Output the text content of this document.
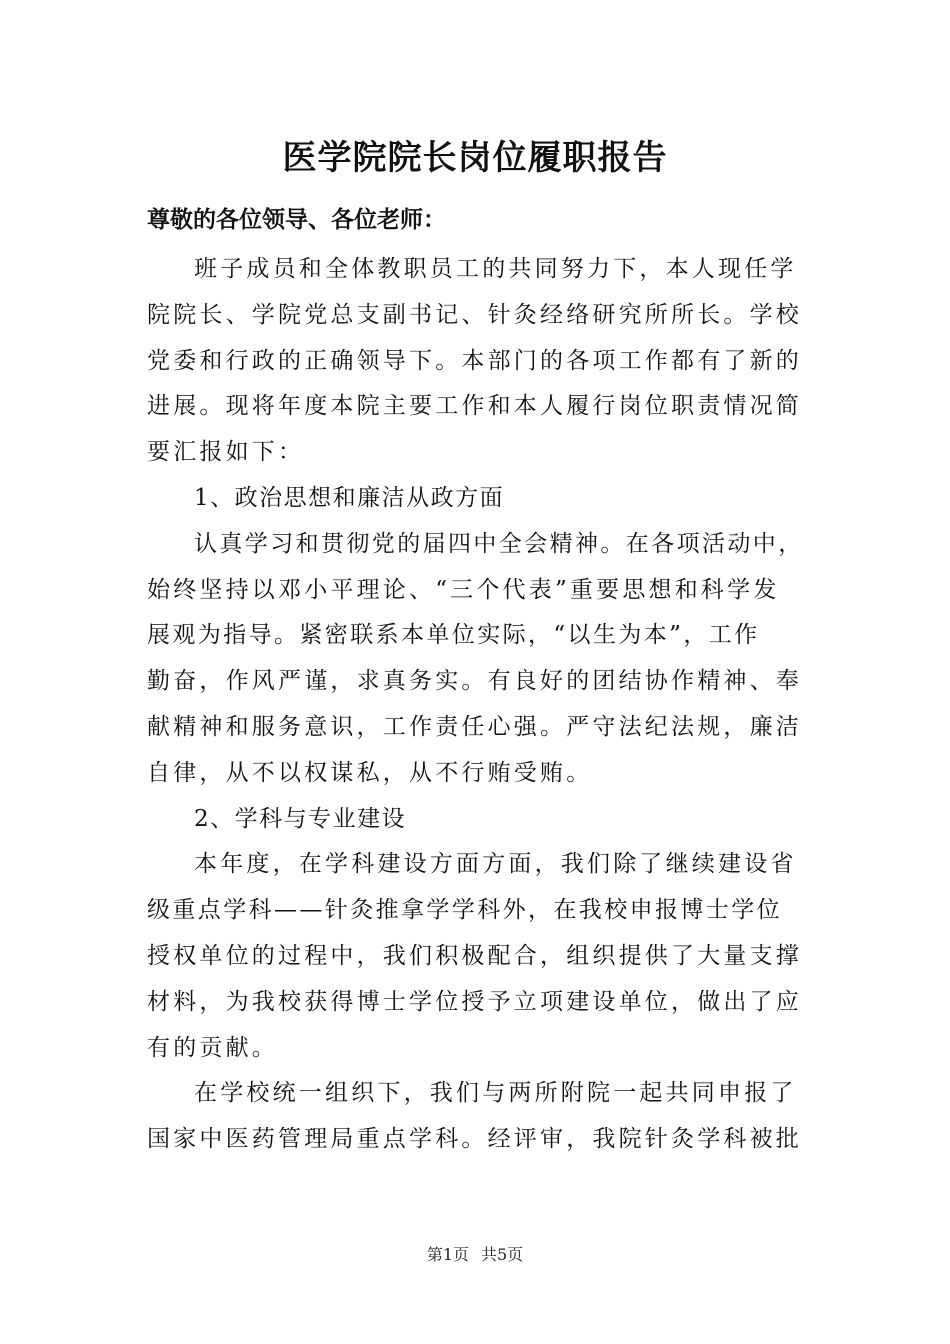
医学院院长岗位履职报告

尊敬的各位领导、各位老师：

班子成员和全体教职员工的共同努力下，本人现任学
院院长、学院党总支副书记、针灸经络研究所所长。学校
党委和行政的正确领导下。本部门的各项工作都有了新的
进展。现将年度本院主要工作和本人履行岗位职责情况简
要汇报如下：
1、政治思想和廉洁从政方面
认真学习和贯彻党的届四中全会精神。在各项活动中，
始终坚持以邓小平理论、“三个代表”重要思想和科学发
展观为指导。紧密联系本单位实际，“以生为本”，工作
勤奋，作风严谨，求真务实。有良好的团结协作精神、奉
献精神和服务意识，工作责任心强。严守法纪法规，廉洁
自律，从不以权谋私，从不行贿受贿。
2、学科与专业建设
本年度，在学科建设方面方面，我们除了继续建设省
级重点学科——针灸推拿学学科外，在我校申报博士学位
授权单位的过程中，我们积极配合，组织提供了大量支撑
材料，为我校获得博士学位授予立项建设单位，做出了应
有的贡献。
在学校统一组织下，我们与两所附院一起共同申报了
国家中医药管理局重点学科。经评审，我院针灸学科被批
第1页 共5页
